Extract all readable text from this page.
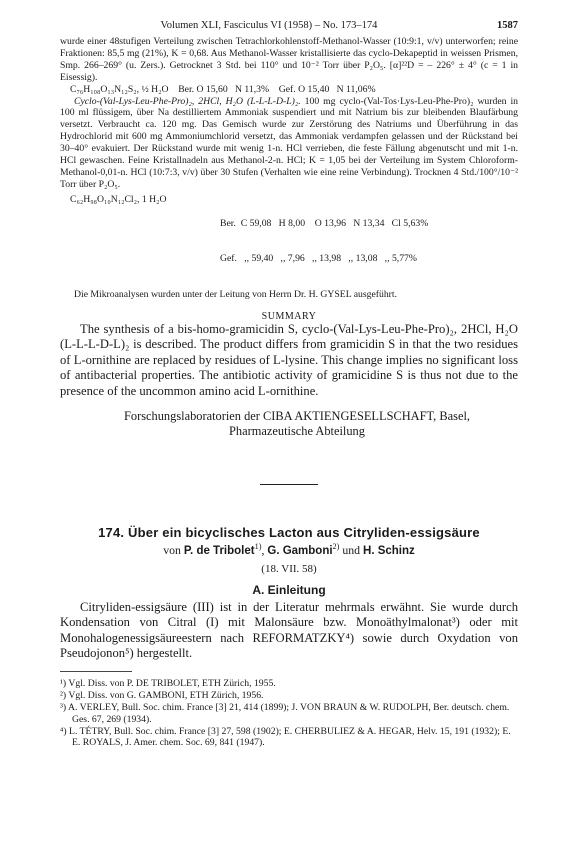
Volumen XLI, Fasciculus VI (1958) – No. 173–174	1587

wurde einer 48stufigen Verteilung zwischen Tetrachlorkohlenstoff-Methanol-Wasser (10:9:1, v/v) unterworfen; reine Fraktionen: 85,5 mg (21%), K = 0,68. Aus Methanol-Wasser kristallisierte das cyclo-Dekapeptid in weissen Prismen, Smp. 266–269° (u. Zers.). Getrocknet 3 Std. bei 110° und 10⁻² Torr über P₂O₅. [α]²²D = – 226° ± 4° (c = 1 in Eisessig).

C₇₆H₁₀₈O₁₃N₁₂S₂, ½ H₂O    Ber. O 15,60   N 11,3%    Gef. O 15,40   N 11,06%

Cyclo-(Val-Lys-Leu-Phe-Pro)₂, 2HCl, H₂O (L-L-L-D-L)₂. 100 mg cyclo-(Val-Tos·Lys-Leu-Phe-Pro)₂ wurden in 100 ml flüssigem, über Na destilliertem Ammoniak suspendiert und mit Natrium bis zur bleibenden Blaufärbung versetzt. Verbraucht ca. 120 mg. Das Gemisch wurde zur Zerstörung des Natriums und Überführung in das Hydrochlorid mit 600 mg Ammoniumchlorid versetzt, das Ammoniak verdampfen gelassen und der Rückstand bei 30–40° evakuiert. Der Rückstand wurde mit wenig 1-n. HCl verrieben, die feste Fällung abgenutscht und mit 1-n. HCl gewaschen. Feine Kristallnadeln aus Methanol-2-n. HCl; K = 1,05 bei der Verteilung im System Chloroform-Methanol-0,01-n. HCl (10:7:3, v/v) über 30 Stufen (Verhalten wie eine reine Verbindung). Trocknen 4 Std./100°/10⁻² Torr über P₂O₅.

C₆₂H₉₈O₁₀N₁₂Cl₂, 1 H₂O

Ber.  C 59,08   H 8,00    O 13,96   N 13,34   Cl 5,63%

Gef.   ,, 59,40   ,, 7,96   ,, 13,98   ,, 13,08   ,, 5,77%

Die Mikroanalysen wurden unter der Leitung von Herrn Dr. H. GYSEL ausgeführt.

SUMMARY

The synthesis of a bis-homo-gramicidin S, cyclo-(Val-Lys-Leu-Phe-Pro)₂, 2HCl, H₂O (L-L-L-D-L)₂ is described. The product differs from gramicidin S in that the two residues of L-ornithine are replaced by residues of L-lysine. This change implies no significant loss of antibacterial properties. The antibiotic activity of gramicidine S is thus not due to the presence of the uncommon amino acid L-ornithine.

Forschungslaboratorien der CIBA AKTIENGESELLSCHAFT, Basel,
Pharmazeutische Abteilung
174. Über ein bicyclisches Lacton aus Citryliden-essigsäure
von P. de Tribolet$^{1)}$, G. Gamboni$^{2)}$ und H. Schinz
(18. VII. 58)
A. Einleitung

Citryliden-essigsäure (III) ist in der Literatur mehrmals erwähnt. Sie wurde durch Kondensation von Citral (I) mit Malonsäure bzw. Monoäthylmalonat³) oder mit Monohalogenessigsäureestern nach REFORMATZKY⁴) sowie durch Oxydation von Pseudojonon⁵) hergestellt.

¹) Vgl. Diss. von P. DE TRIBOLET, ETH Zürich, 1955.

²) Vgl. Diss. von G. GAMBONI, ETH Zürich, 1956.

³) A. VERLEY, Bull. Soc. chim. France [3] 21, 414 (1899); J. VON BRAUN & W. RUDOLPH, Ber. deutsch. chem. Ges. 67, 269 (1934).

⁴) L. TÉTRY, Bull. Soc. chim. France [3] 27, 598 (1902); E. CHERBULIEZ & A. HEGAR, Helv. 15, 191 (1932); E. E. ROYALS, J. Amer. chem. Soc. 69, 841 (1947).
